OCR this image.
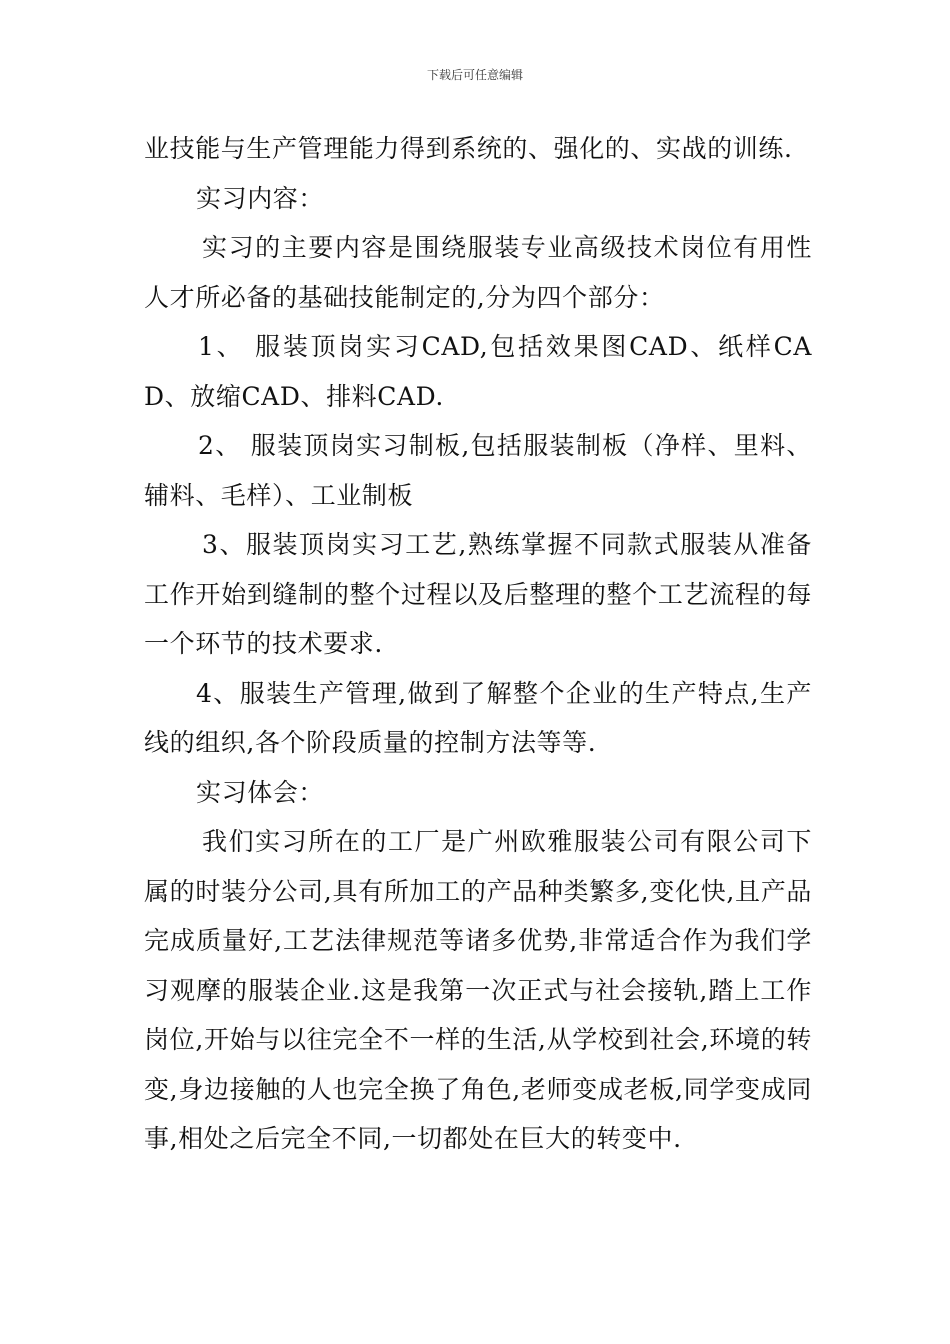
下载后可任意编辑

业技能与生产管理能力得到系统的、强化的、实战的训练.

实习内容：

实习的主要内容是围绕服装专业高级技术岗位有用性人才所必备的基础技能制定的,分为四个部分：

1、 服装顶岗实习CAD,包括效果图CAD、纸样CAD、放缩CAD、排料CAD.

2、 服装顶岗实习制板,包括服装制板（净样、里料、辅料、毛样）、工业制板

3、服装顶岗实习工艺,熟练掌握不同款式服装从准备工作开始到缝制的整个过程以及后整理的整个工艺流程的每一个环节的技术要求.

4、服装生产管理,做到了解整个企业的生产特点,生产线的组织,各个阶段质量的控制方法等等.

实习体会：

我们实习所在的工厂是广州欧雅服装公司有限公司下属的时装分公司,具有所加工的产品种类繁多,变化快,且产品完成质量好,工艺法律规范等诸多优势,非常适合作为我们学习观摩的服装企业.这是我第一次正式与社会接轨,踏上工作岗位,开始与以往完全不一样的生活,从学校到社会,环境的转变,身边接触的人也完全换了角色,老师变成老板,同学变成同事,相处之后完全不同,一切都处在巨大的转变中.
